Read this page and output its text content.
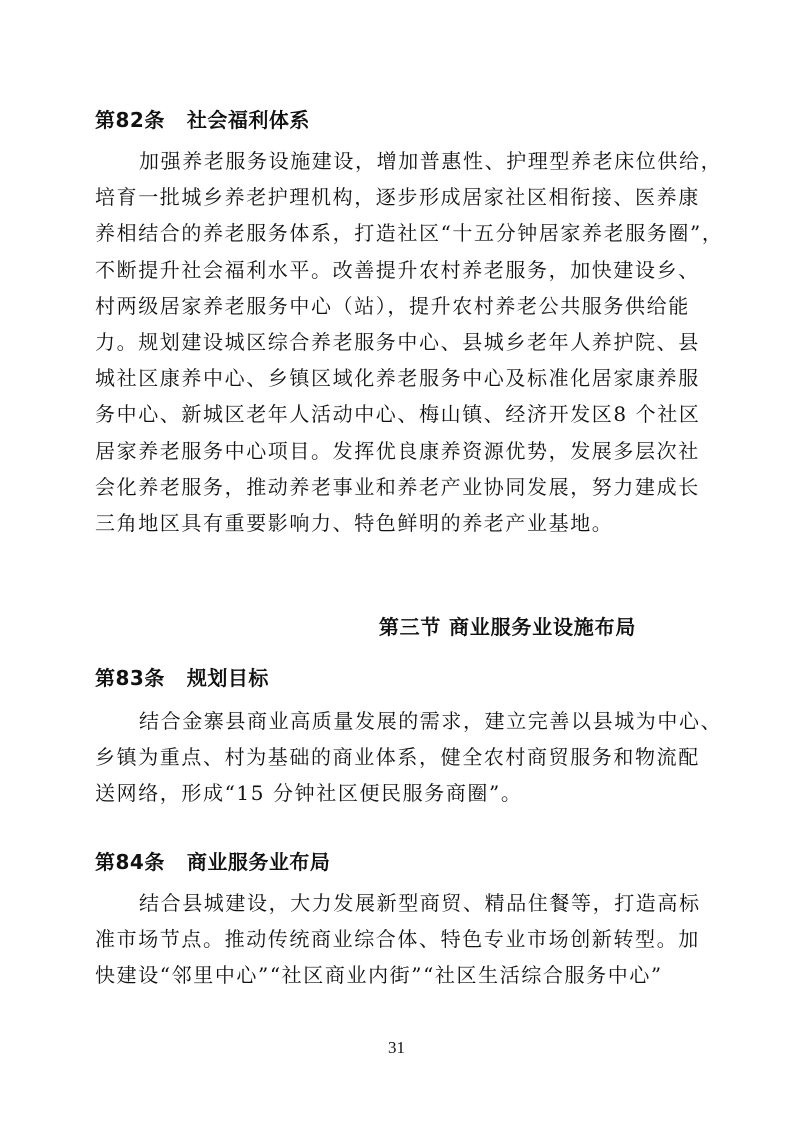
第82条 社会福利体系
加强养老服务设施建设，增加普惠性、护理型养老床位供给，
培育一批城乡养老护理机构，逐步形成居家社区相衔接、医养康
养相结合的养老服务体系，打造社区“十五分钟居家养老服务圈”，
不断提升社会福利水平。改善提升农村养老服务，加快建设乡、
村两级居家养老服务中心（站），提升农村养老公共服务供给能
力。规划建设城区综合养老服务中心、县城乡老年人养护院、县
城社区康养中心、乡镇区域化养老服务中心及标准化居家康养服
务中心、新城区老年人活动中心、梅山镇、经济开发区8 个社区
居家养老服务中心项目。发挥优良康养资源优势，发展多层次社
会化养老服务，推动养老事业和养老产业协同发展，努力建成长
三角地区具有重要影响力、特色鲜明的养老产业基地。
第三节 商业服务业设施布局
第83条 规划目标
结合金寨县商业高质量发展的需求，建立完善以县城为中心、
乡镇为重点、村为基础的商业体系，健全农村商贸服务和物流配
送网络，形成“15 分钟社区便民服务商圈”。
第84条 商业服务业布局
结合县城建设，大力发展新型商贸、精品住餐等，打造高标
准市场节点。推动传统商业综合体、特色专业市场创新转型。加
快建设“邻里中心”“社区商业内街”“社区生活综合服务中心”
31
